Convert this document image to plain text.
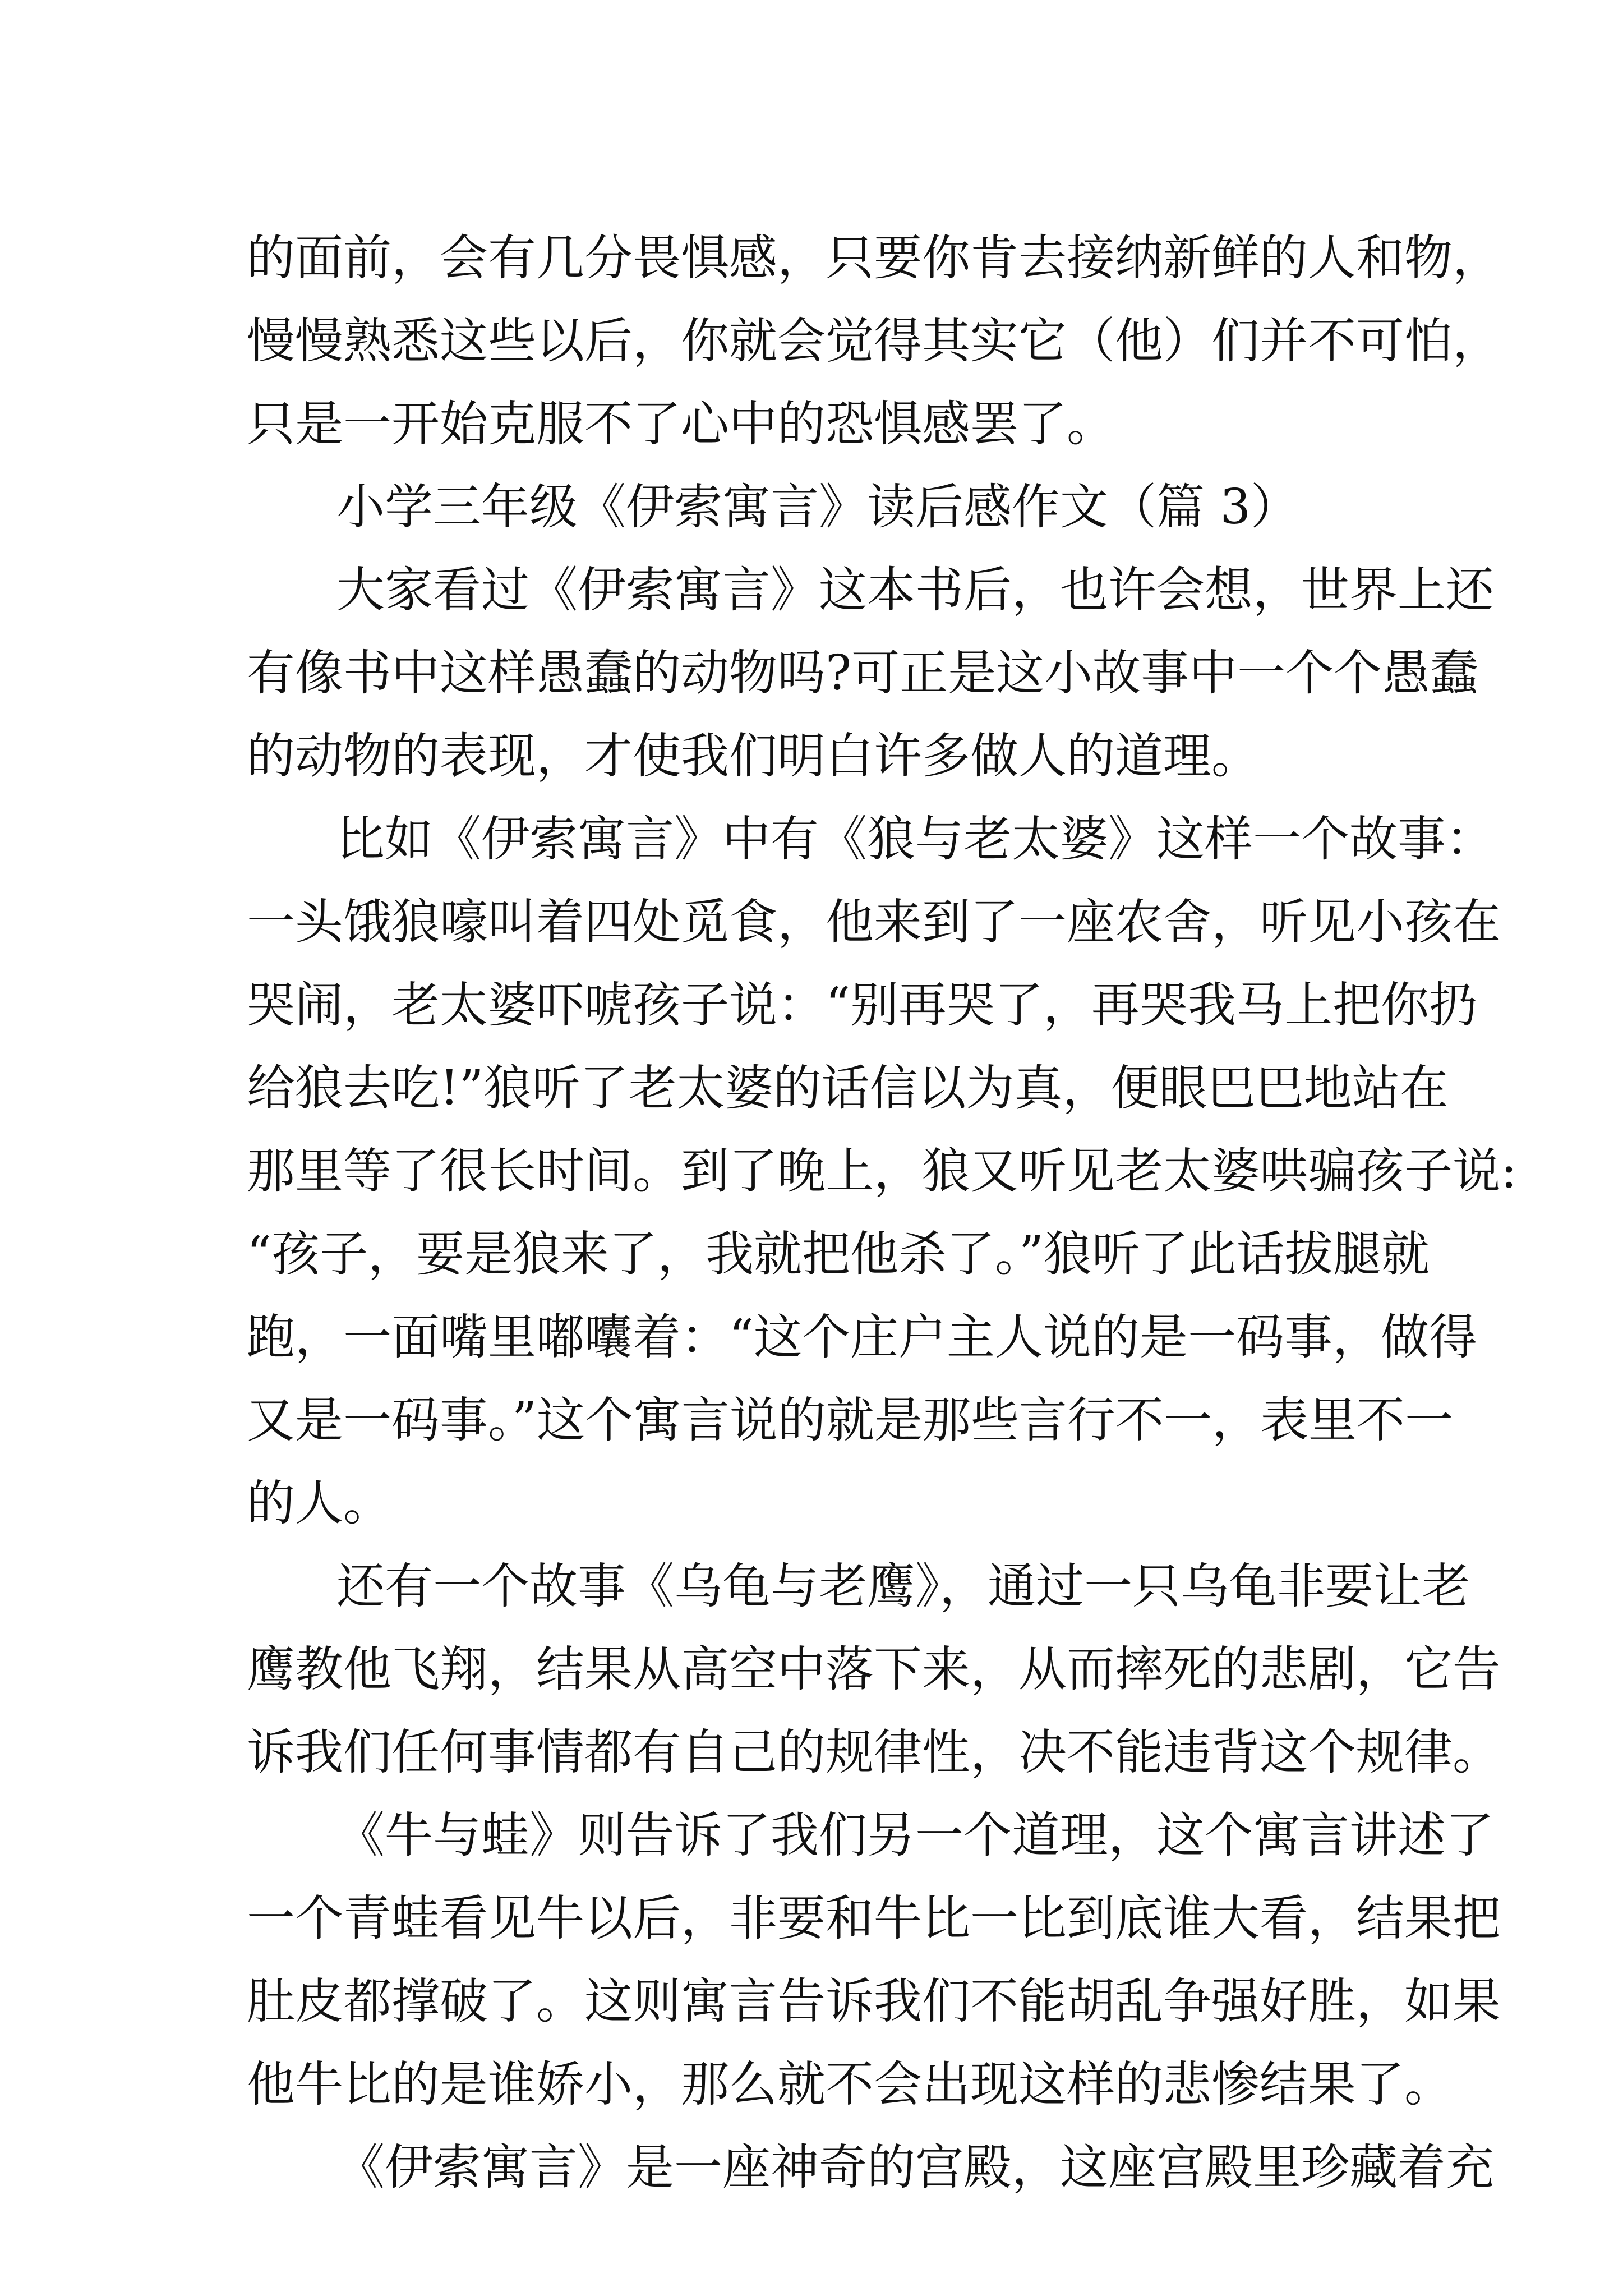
的面前，会有几分畏惧感，只要你肯去接纳新鲜的人和物，
慢慢熟悉这些以后，你就会觉得其实它（他）们并不可怕，
只是一开始克服不了心中的恐惧感罢了。
小学三年级《伊索寓言》读后感作文（篇 3）
大家看过《伊索寓言》这本书后，也许会想，世界上还
有像书中这样愚蠢的动物吗?可正是这小故事中一个个愚蠢
的动物的表现，才使我们明白许多做人的道理。
比如《伊索寓言》中有《狼与老太婆》这样一个故事：
一头饿狼嚎叫着四处觅食，他来到了一座农舍，听见小孩在
哭闹，老太婆吓唬孩子说：“别再哭了，再哭我马上把你扔
给狼去吃!”狼听了老太婆的话信以为真，便眼巴巴地站在
那里等了很长时间。到了晚上，狼又听见老太婆哄骗孩子说:
“孩子，要是狼来了，我就把他杀了。”狼听了此话拔腿就
跑，一面嘴里嘟囔着：“这个庄户主人说的是一码事，做得
又是一码事。”这个寓言说的就是那些言行不一，表里不一
的人。
还有一个故事《乌龟与老鹰》，通过一只乌龟非要让老
鹰教他飞翔，结果从高空中落下来，从而摔死的悲剧，它告
诉我们任何事情都有自己的规律性，决不能违背这个规律。
《牛与蛙》则告诉了我们另一个道理，这个寓言讲述了
一个青蛙看见牛以后，非要和牛比一比到底谁大看，结果把
肚皮都撑破了。这则寓言告诉我们不能胡乱争强好胜，如果
他牛比的是谁娇小，那么就不会出现这样的悲惨结果了。
《伊索寓言》是一座神奇的宫殿，这座宫殿里珍藏着充
